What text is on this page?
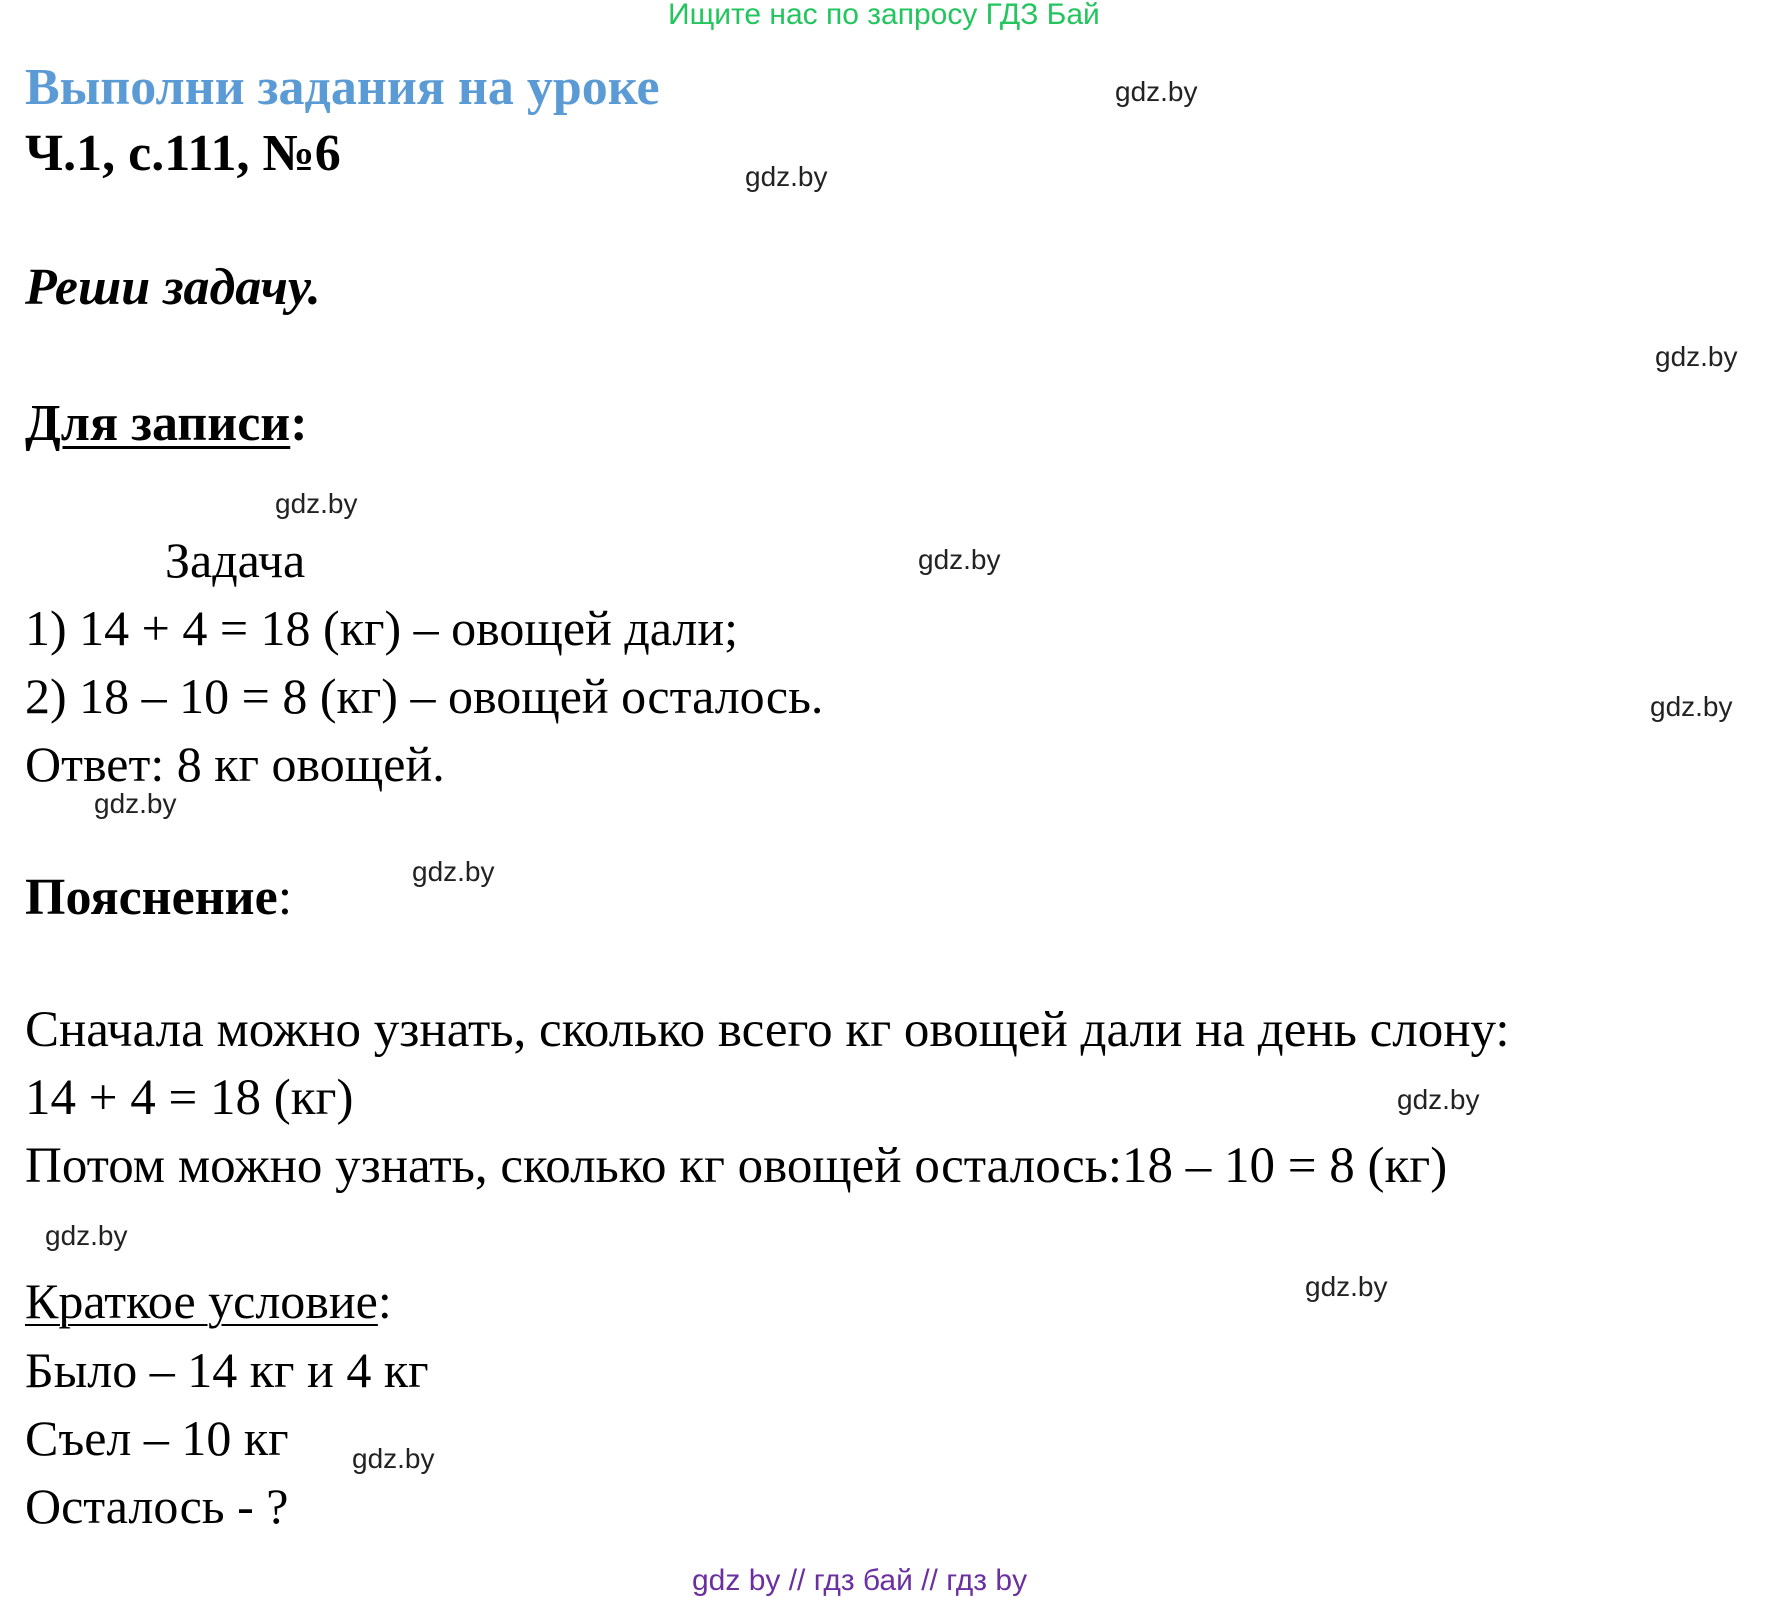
Ищите нас по запросу ГДЗ Бай
Выполни задания на уроке
Ч.1, с.111, №6
Реши задачу.
Для записи:
Задача
1) 14 + 4 = 18 (кг) – овощей дали;
2) 18 – 10 = 8 (кг) – овощей осталось.
Ответ: 8 кг овощей.
Пояснение:
Сначала можно узнать, сколько всего кг овощей дали на день слону:
14 + 4 = 18 (кг)
Потом можно узнать, сколько кг овощей осталось:18 – 10 = 8 (кг)
Краткое условие:
Было – 14 кг и 4 кг
Съел – 10 кг
Осталось - ?
gdz.by
gdz.by
gdz.by
gdz.by
gdz.by
gdz.by
gdz.by
gdz.by
gdz.by
gdz.by
gdz.by
gdz.by
gdz by // гдз бай // гдз by
